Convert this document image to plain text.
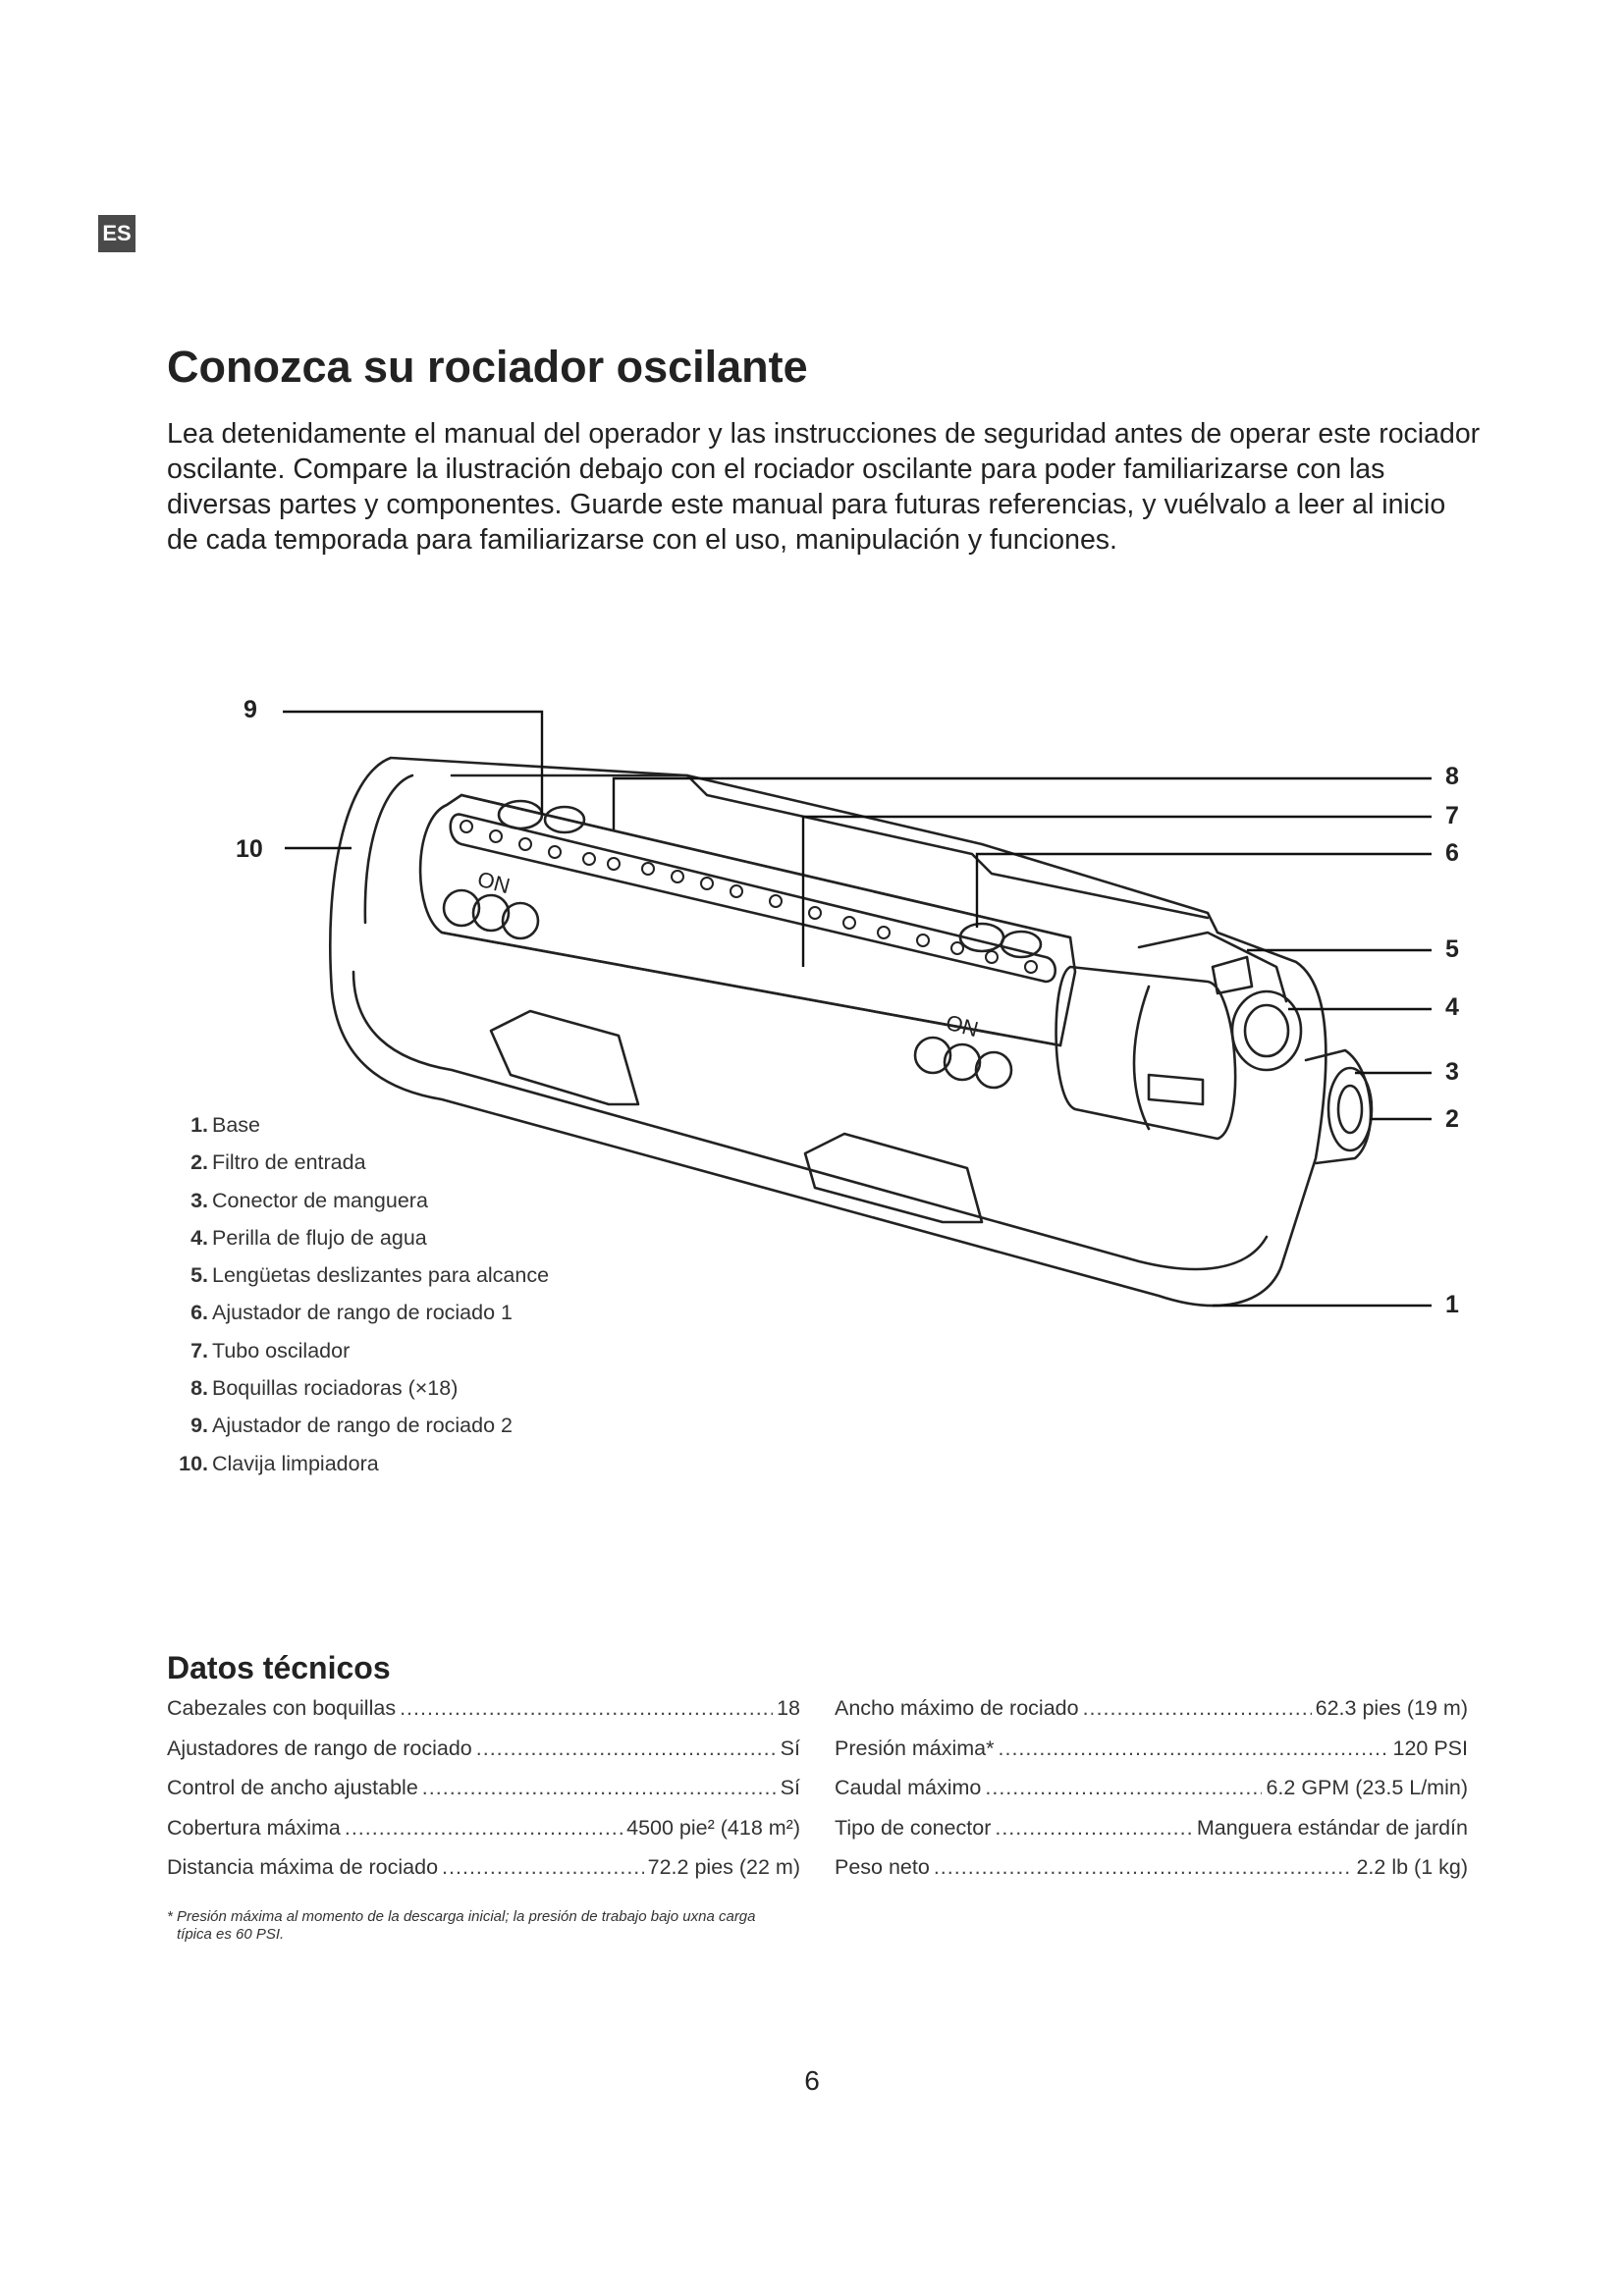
ES
Conozca su rociador oscilante

Lea detenidamente el manual del operador y las instrucciones de seguridad antes de operar este rociador oscilante. Compare la ilustración debajo con el rociador oscilante para poder familiarizarse con las diversas partes y componentes. Guarde este manual para futuras referencias, y vuélvalo a leer al inicio de cada temporada para familiarizarse con el uso, manipulación y funciones.

ON
ON
9
10
8
7
6
5
4
3
2
1
1. Base
2. Filtro de entrada
3. Conector de manguera
4. Perilla de flujo de agua
5. Lengüetas deslizantes para alcance
6. Ajustador de rango de rociado 1
7. Tubo oscilador
8. Boquillas rociadoras (×18)
9. Ajustador de rango de rociado 2
10. Clavija limpiadora
Datos técnicos
Cabezales con boquillas .....	18
Ajustadores de rango de rociado .....	Sí
Control de ancho ajustable .....	Sí
Cobertura máxima .....	4500 pie² (418 m²)
Distancia máxima de rociado .....	72.2 pies (22 m)
Ancho máximo de rociado .....	62.3 pies (19 m)
Presión máxima* .....	120 PSI
Caudal máximo .....	6.2 GPM (23.5 L/min)
Tipo de conector .....	Manguera estándar de jardín
Peso neto .....	2.2 lb (1 kg)

* Presión máxima al momento de la descarga inicial; la presión de trabajo bajo uxna carga
típica es 60 PSI.

6
